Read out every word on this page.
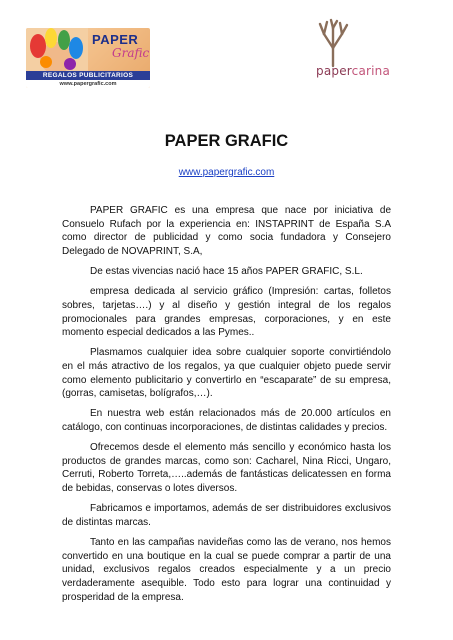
PAPER
Grafic
REGALOS PUBLICITARIOS
www.papergrafic.com
papercarina
PAPER GRAFIC
www.papergrafic.com

PAPER GRAFIC es una empresa que nace por iniciativa de Consuelo Rufach por la experiencia en: INSTAPRINT de España S.A como director de publicidad y como socia fundadora y Consejero Delegado de NOVAPRINT, S.A,

De estas vivencias nació hace 15 años PAPER GRAFIC, S.L.

empresa dedicada al servicio gráfico (Impresión: cartas, folletos sobres, tarjetas….) y al diseño y gestión integral de los regalos promocionales para grandes empresas, corporaciones, y en este momento especial dedicados a las Pymes..

Plasmamos cualquier idea sobre cualquier soporte convirtiéndolo en el más atractivo de los regalos, ya que cualquier objeto puede servir como elemento publicitario y convertirlo en “escaparate” de su empresa, (gorras, camisetas, bolígrafos,…).

En nuestra web están relacionados más de 20.000 artículos en catálogo, con continuas incorporaciones, de distintas calidades y precios.

Ofrecemos desde el elemento más sencillo y económico hasta los productos de grandes marcas, como son: Cacharel, Nina Ricci, Ungaro, Cerruti, Roberto Torreta,…..además de fantásticas delicatessen en forma de bebidas, conservas o lotes diversos.

Fabricamos e importamos, además de ser distribuidores exclusivos de distintas marcas.

Tanto en las campañas navideñas como las de verano, nos hemos convertido en una boutique en la cual se puede comprar a partir de una unidad, exclusivos regalos creados especialmente y a un precio verdaderamente asequible. Todo esto para lograr una continuidad y prosperidad de la empresa.
